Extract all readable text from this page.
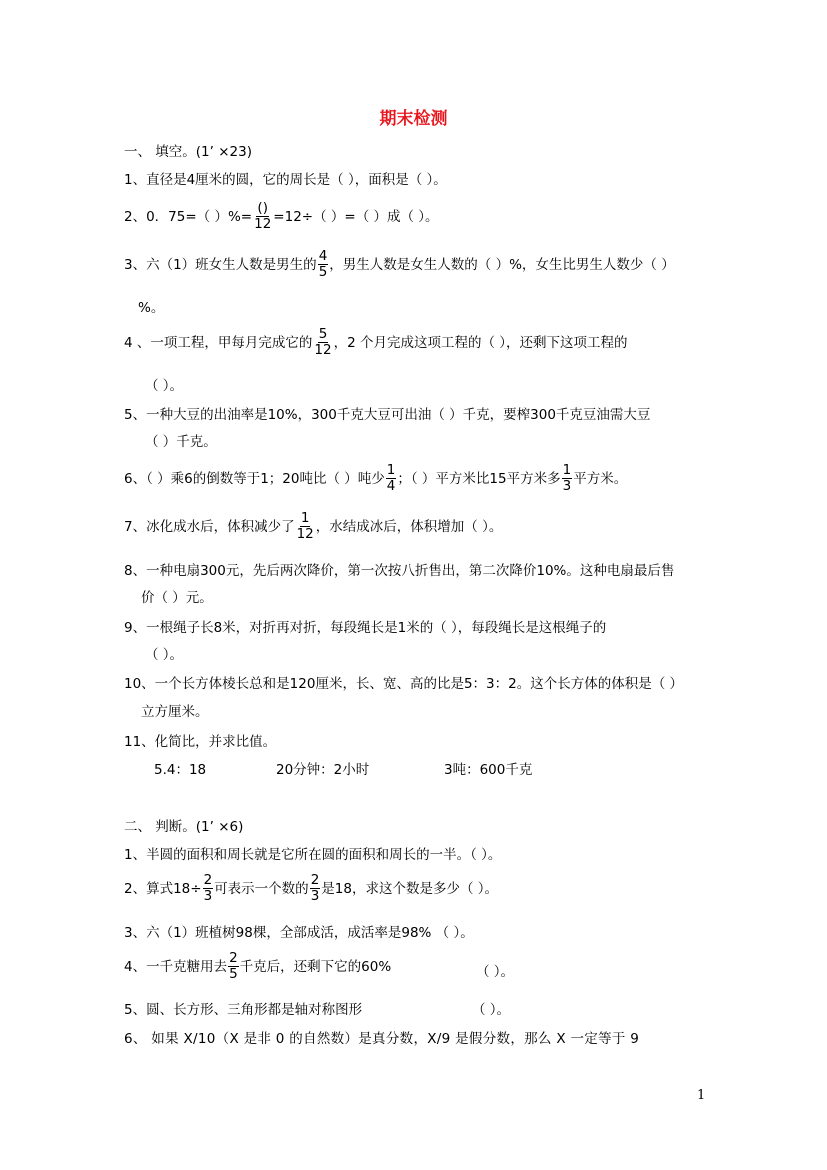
期末检测
一、 填空。(1’ ×23)
1、直径是4厘米的圆，它的周长是（ ），面积是（ ）。
2、0．75=（ ）%= $\frac{()}{12} =12\div$（ ）=（ ）成（ ）。
3、六（1）班女生人数是男生的 $\frac{4}{5}$ ，男生人数是女生人数的（ ）%，女生比男生人数少（ ）
%。
4 、一项工程，甲每月完成它的 $\frac{5}{12}$ ，2 个月完成这项工程的（ ），还剩下这项工程的
（ ）。
5、一种大豆的出油率是10%，300千克大豆可出油（ ）千克，要榨300千克豆油需大豆
（ ）千克。
6、（ ）乘6的倒数等于1；20吨比（ ）吨少 $\frac{1}{4}$ ；（ ）平方米比15平方米多 $\frac{1}{3}$ 平方米。
7、冰化成水后，体积减少了 $\frac{1}{12}$ ，水结成冰后，体积增加（ ）。
8、一种电扇300元，先后两次降价，第一次按八折售出，第二次降价10%。这种电扇最后售
价（ ）元。
9、一根绳子长8米，对折再对折，每段绳长是1米的（ ），每段绳长是这根绳子的
（ ）。
10、一个长方体棱长总和是120厘米，长、宽、高的比是5：3：2。这个长方体的体积是（ ）
立方厘米。
11、化简比，并求比值。
5.4：18	20分钟：2小时	3吨：600千克
二、 判断。(1’ ×6)
1、半圆的面积和周长就是它所在圆的面积和周长的一半。（ ）。
2、算式$18\div \frac{2}{3}$ 可表示一个数的 $\frac{2}{3}$ 是18，求这个数是多少（ ）。
3、六（1）班植树98棵，全部成活，成活率是98% （ ）。
4、一千克糖用去 $\frac{2}{5}$ 千克后，还剩下它的60%	（ ）。
5、圆、长方形、三角形都是轴对称图形	（ ）。
6、 如果 X/10（X 是非 0 的自然数）是真分数，X/9 是假分数，那么 X 一定等于 9
1
